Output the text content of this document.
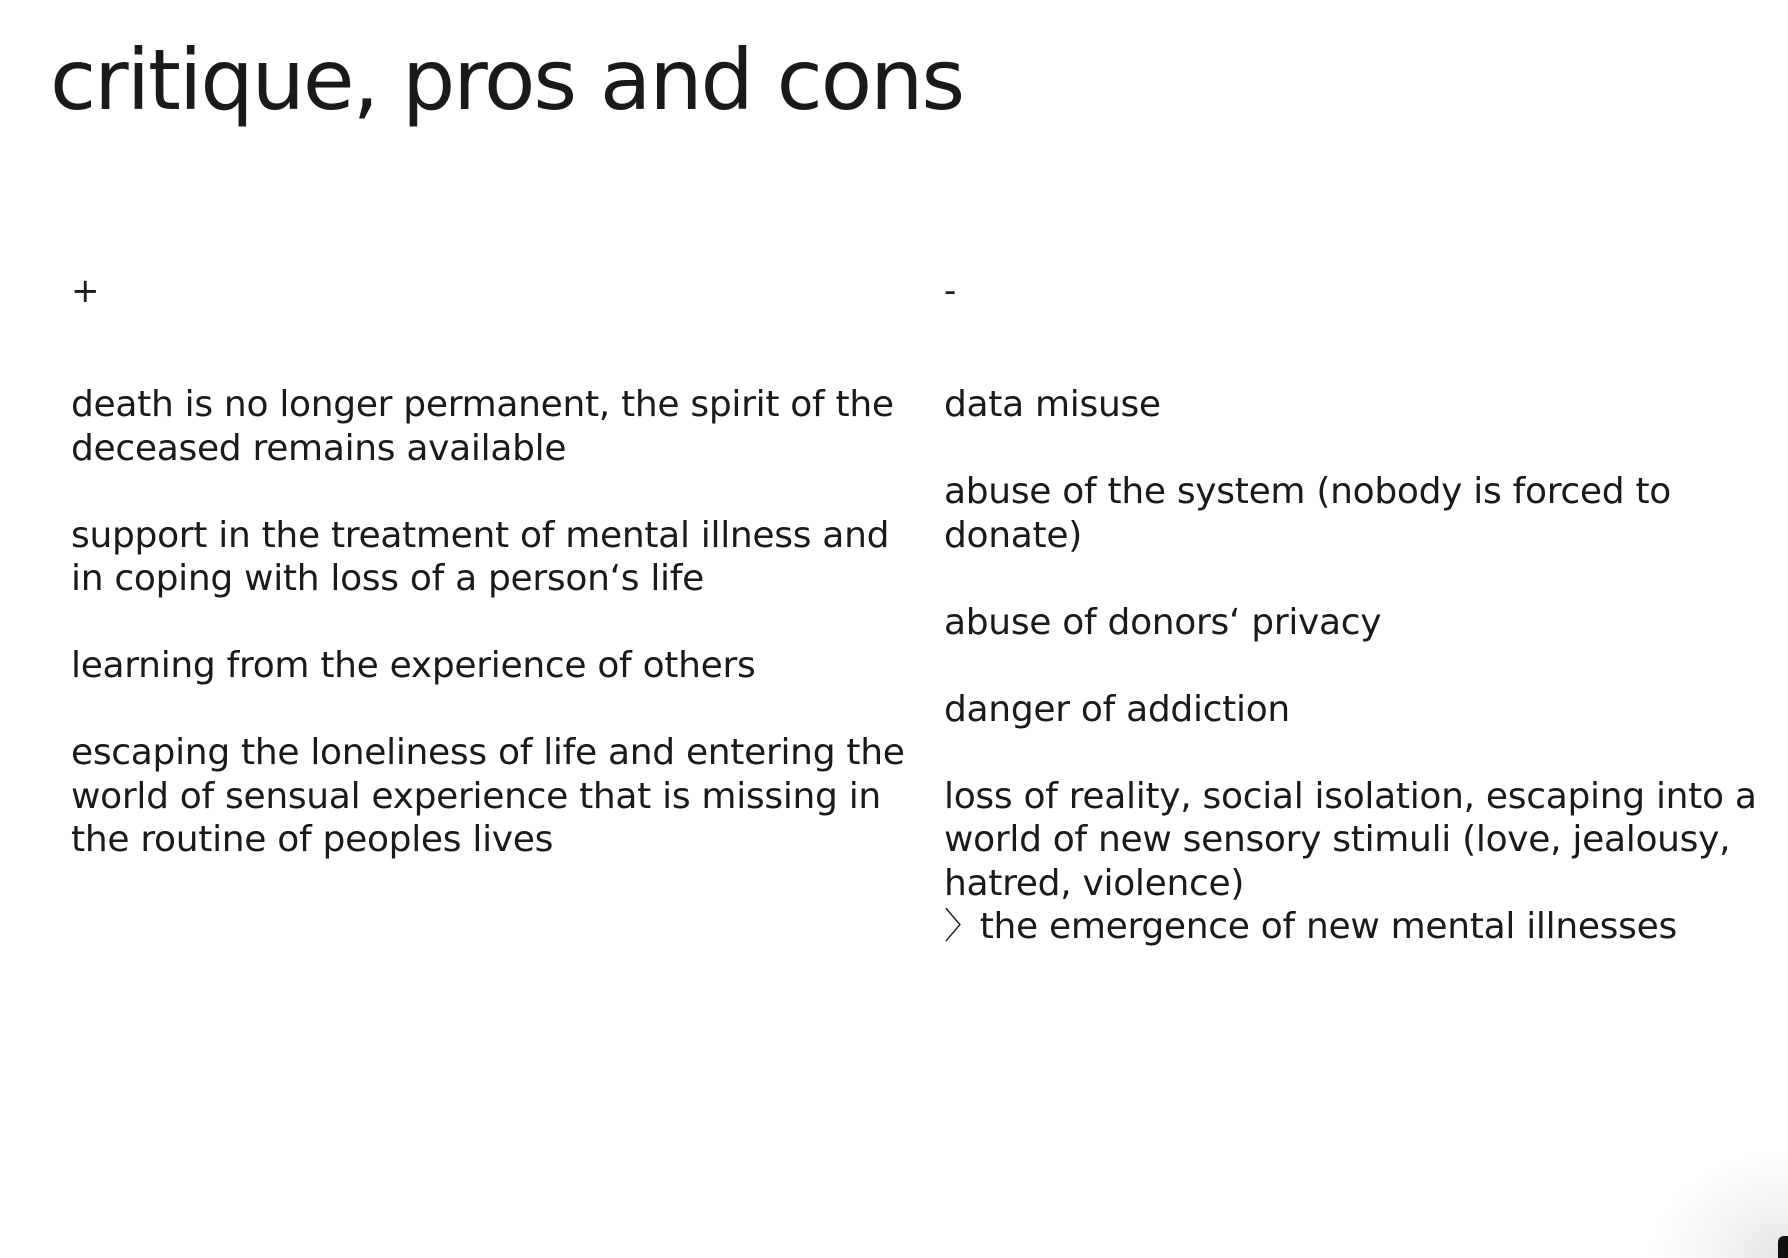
critique, pros and cons
+
death is no longer permanent, the spirit of the
deceased remains available
support in the treatment of mental illness and
in coping with loss of a person‘s life
learning from the experience of others
escaping the loneliness of life and entering the
world of sensual experience that is missing in
the routine of peoples lives
-
data misuse
abuse of the system (nobody is forced to
donate)
abuse of donors‘ privacy
danger of addiction
loss of reality, social isolation, escaping into a
world of new sensory stimuli (love, jealousy,
hatred, violence)
〉the emergence of new mental illnesses
